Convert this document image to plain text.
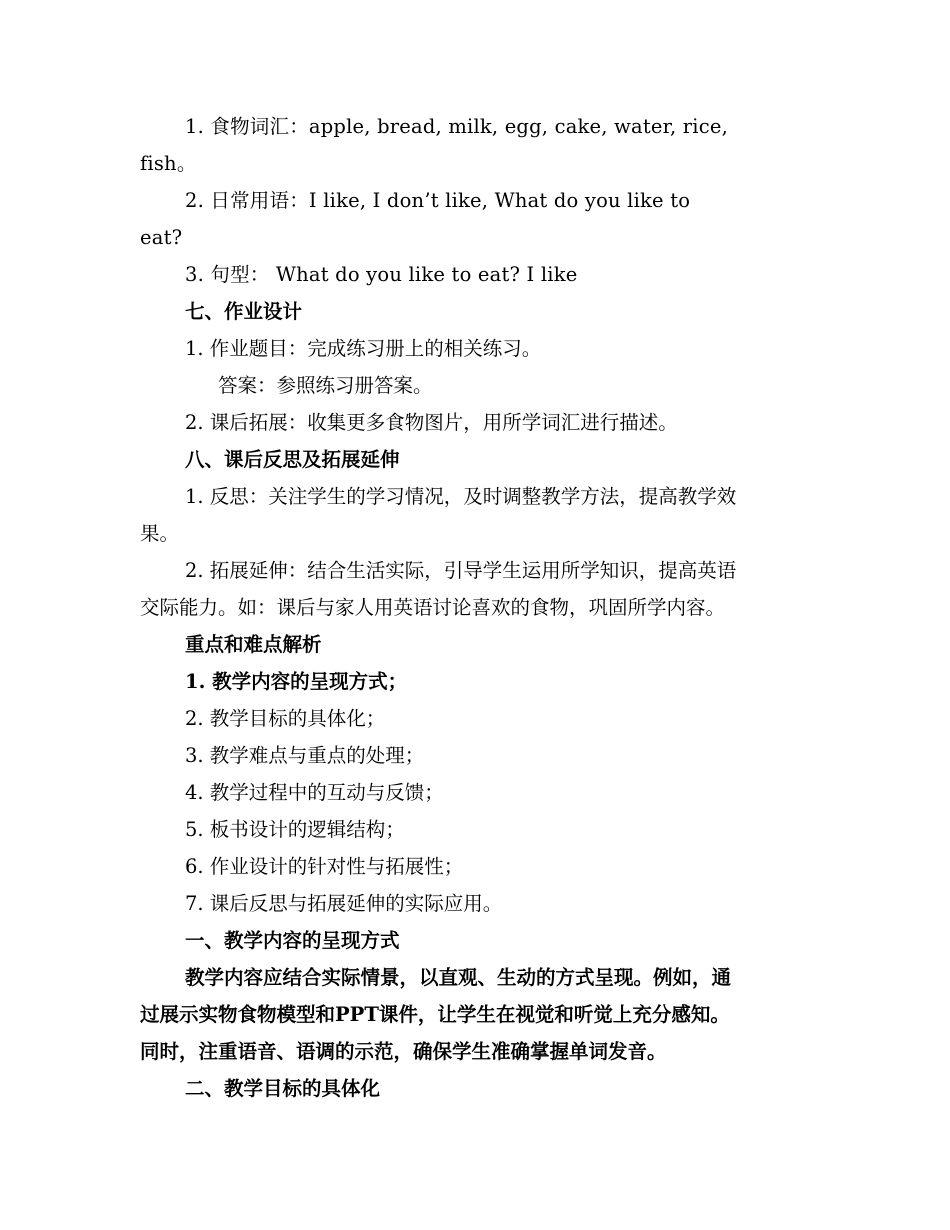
1. 食物词汇：apple, bread, milk, egg, cake, water, rice,
fish。
2. 日常用语：I like, I don’t like, What do you like to
eat?
3. 句型： What do you like to eat? I like
七、作业设计
1. 作业题目：完成练习册上的相关练习。
答案：参照练习册答案。
2. 课后拓展：收集更多食物图片，用所学词汇进行描述。
八、课后反思及拓展延伸
1. 反思：关注学生的学习情况，及时调整教学方法，提高教学效
果。
2. 拓展延伸：结合生活实际，引导学生运用所学知识，提高英语
交际能力。如：课后与家人用英语讨论喜欢的食物，巩固所学内容。
重点和难点解析
1. 教学内容的呈现方式；
2. 教学目标的具体化；
3. 教学难点与重点的处理；
4. 教学过程中的互动与反馈；
5. 板书设计的逻辑结构；
6. 作业设计的针对性与拓展性；
7. 课后反思与拓展延伸的实际应用。
一、教学内容的呈现方式
教学内容应结合实际情景，以直观、生动的方式呈现。例如，通
过展示实物食物模型和PPT课件，让学生在视觉和听觉上充分感知。
同时，注重语音、语调的示范，确保学生准确掌握单词发音。
二、教学目标的具体化
